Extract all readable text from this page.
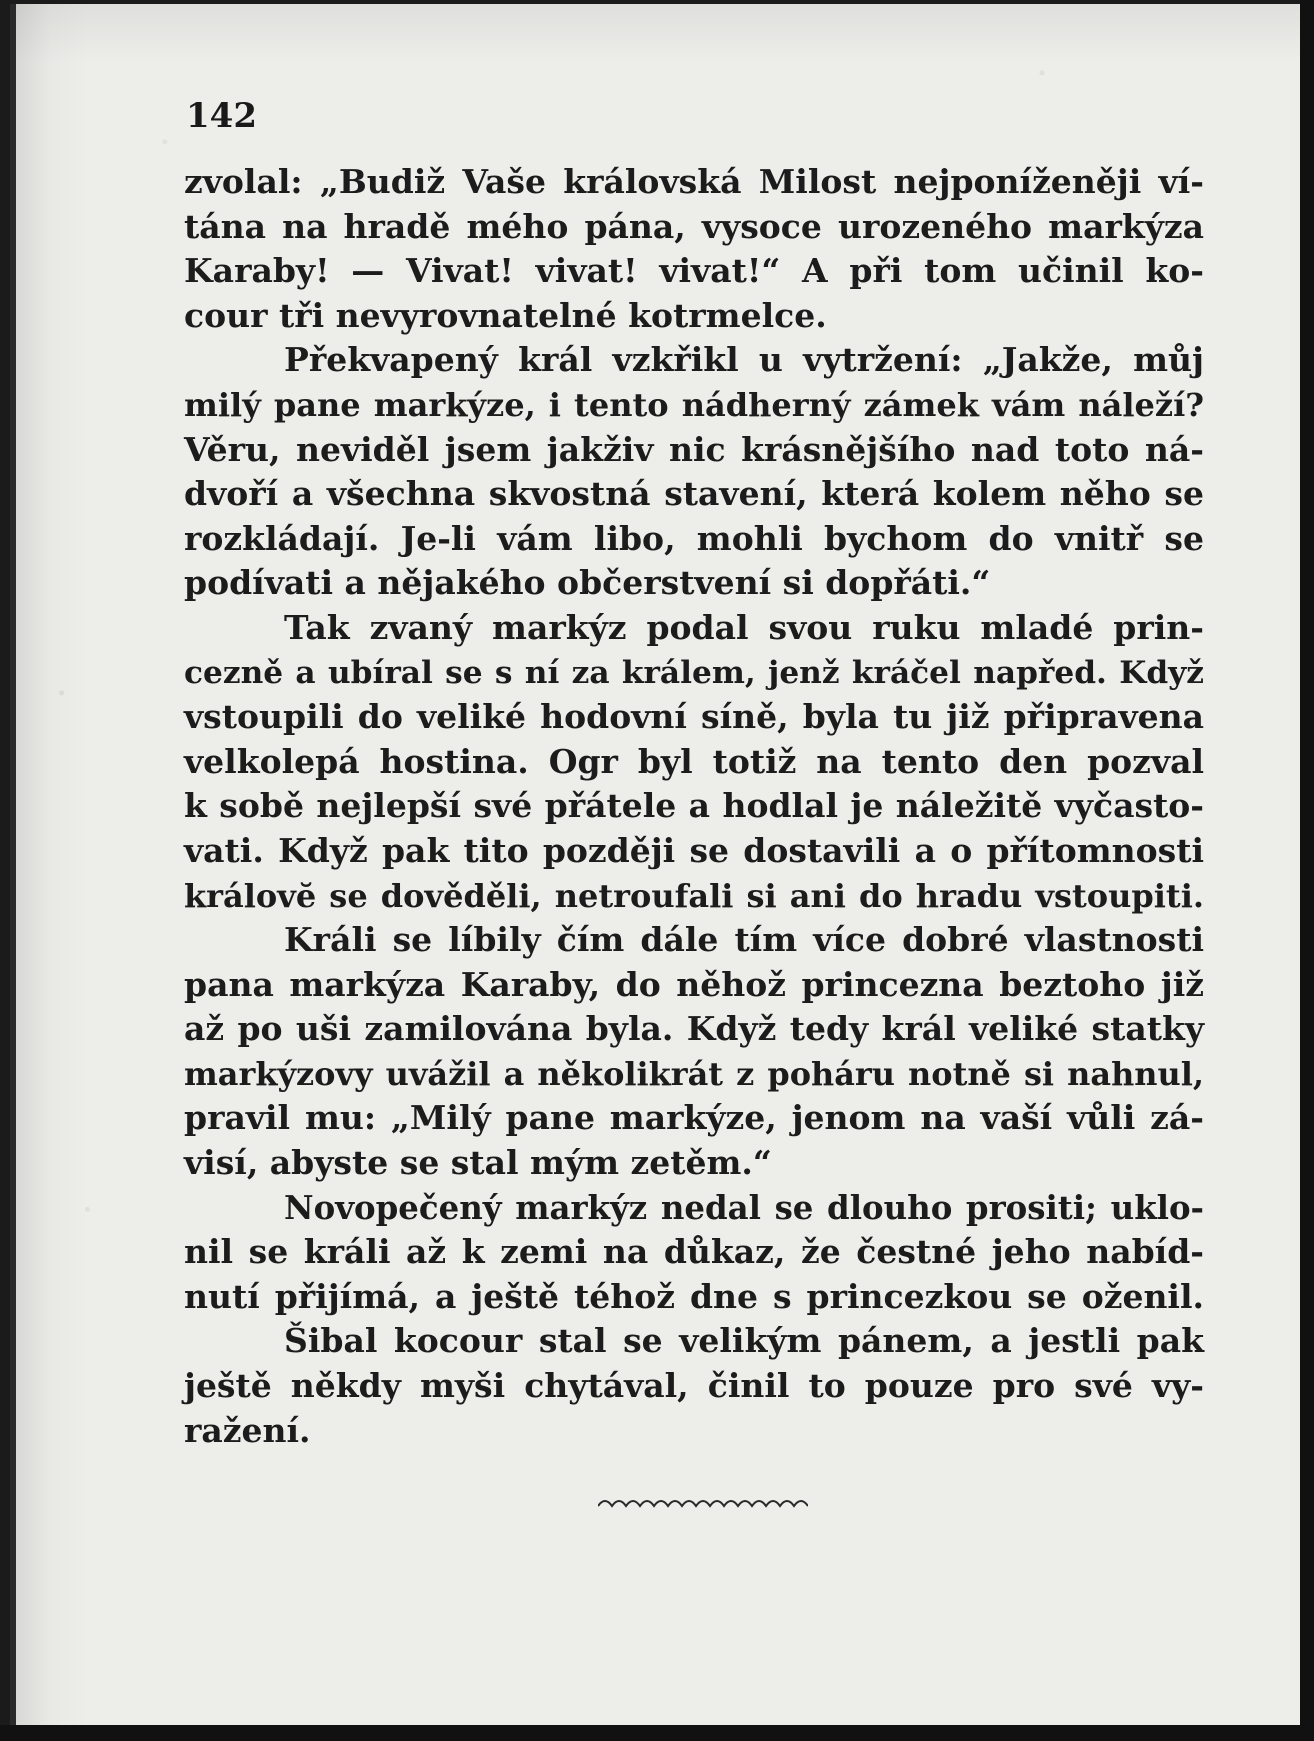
142
zvolal: „Budiž Vaše královská Milost nejponíženěji ví-
tána na hradě mého pána, vysoce urozeného markýza
Karaby! — Vivat! vivat! vivat!“ A při tom učinil ko-
cour tři nevyrovnatelné kotrmelce.
Překvapený král vzkřikl u vytržení: „Jakže, můj
milý pane markýze, i tento nádherný zámek vám náleží?
Věru, neviděl jsem jakživ nic krásnějšího nad toto ná-
dvoří a všechna skvostná stavení, která kolem něho se
rozkládají. Je-li vám libo, mohli bychom do vnitř se
podívati a nějakého občerstvení si dopřáti.“
Tak zvaný markýz podal svou ruku mladé prin-
cezně a ubíral se s ní za králem, jenž kráčel napřed. Když
vstoupili do veliké hodovní síně, byla tu již připravena
velkolepá hostina. Ogr byl totiž na tento den pozval
k sobě nejlepší své přátele a hodlal je náležitě vyčasto-
vati. Když pak tito později se dostavili a o přítomnosti
královĕ se dověděli, netroufali si ani do hradu vstoupiti.
Králi se líbily čím dále tím více dobré vlastnosti
pana markýza Karaby, do něhož princezna beztoho již
až po uši zamilována byla. Když tedy král veliké statky
markýzovy uvážil a několikrát z poháru notně si nahnul,
pravil mu: „Milý pane markýze, jenom na vaší vůli zá-
visí, abyste se stal mým zetěm.“
Novopečený markýz nedal se dlouho prositi; uklo-
nil se králi až k zemi na důkaz, že čestné jeho nabíd-
nutí přijímá, a ještě téhož dne s princezkou se oženil.
Šibal kocour stal se velikým pánem, a jestli pak
ještě někdy myši chytával, činil to pouze pro své vy-
ražení.
